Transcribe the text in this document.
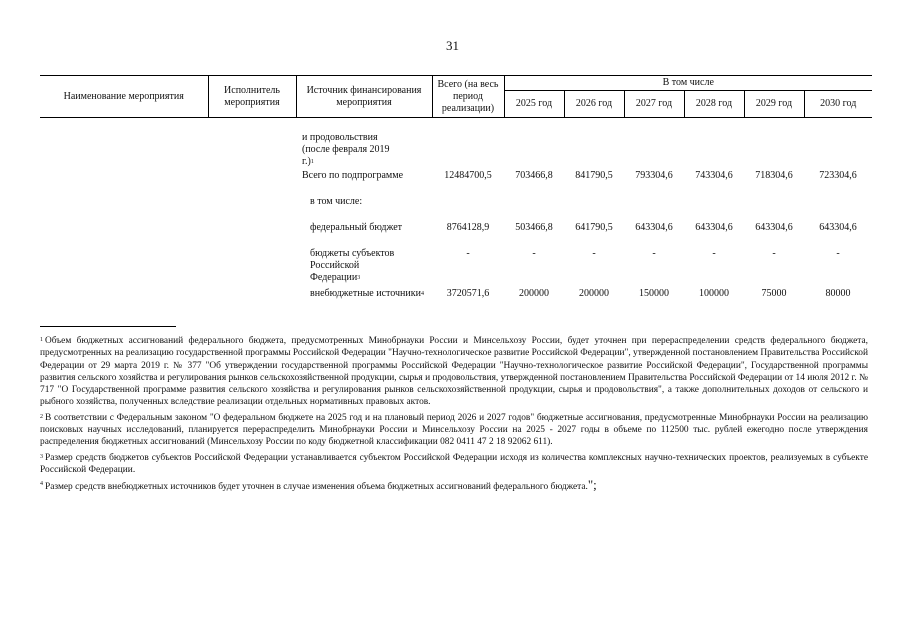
31
Наименование мероприятия	Исполнитель мероприятия	Источник финансирования мероприятия	Всего (на весь период реализации)	В том числе					
				2025 год	2026 год	2027 год	2028 год	2029 год	2030 год
		и продовольствия (после февраля 2019 г.)$^1$							
		Всего по подпрограмме	12484700,5	703466,8	841790,5	793304,6	743304,6	718304,6	723304,6
		в том числе:							
		федеральный бюджет	8764128,9	503466,8	641790,5	643304,6	643304,6	643304,6	643304,6
		бюджеты субъектов Российской Федерации$^3$	-	-	-	-	-	-	-
		внебюджетные источники$^4$	3720571,6	200000	200000	150000	100000	75000	80000

$^1$ Объем бюджетных ассигнований федерального бюджета, предусмотренных Минобрнауки России и Минсельхозу России, будет уточнен при перераспределении средств федерального бюджета, предусмотренных на реализацию государственной программы Российской Федерации "Научно-технологическое развитие Российской Федерации", утвержденной постановлением Правительства Российской Федерации от 29 марта 2019 г. № 377 "Об утверждении государственной программы Российской Федерации "Научно-технологическое развитие Российской Федерации", Государственной программы развития сельского хозяйства и регулирования рынков сельскохозяйственной продукции, сырья и продовольствия, утвержденной постановлением Правительства Российской Федерации от 14 июля 2012 г. № 717 "О Государственной программе развития сельского хозяйства и регулирования рынков сельскохозяйственной продукции, сырья и продовольствия", а также дополнительных доходов от сельского и рыбного хозяйства, полученных вследствие реализации отдельных нормативных правовых актов.

$^2$ В соответствии с Федеральным законом "О федеральном бюджете на 2025 год и на плановый период 2026 и 2027 годов" бюджетные ассигнования, предусмотренные Минобрнауки России на реализацию поисковых научных исследований, планируется перераспределить Минобрнауки России и Минсельхозу России на 2025 - 2027 годы в объеме по 112500 тыс. рублей ежегодно после утверждения распределения бюджетных ассигнований (Минсельхозу России по коду бюджетной классификации 082 0411 47 2 18 92062 611).

$^3$ Размер средств бюджетов субъектов Российской Федерации устанавливается субъектом Российской Федерации исходя из количества комплексных научно-технических проектов, реализуемых в субъекте Российской Федерации.

$^4$ Размер средств внебюджетных источников будет уточнен в случае изменения объема бюджетных ассигнований федерального бюджета.";
